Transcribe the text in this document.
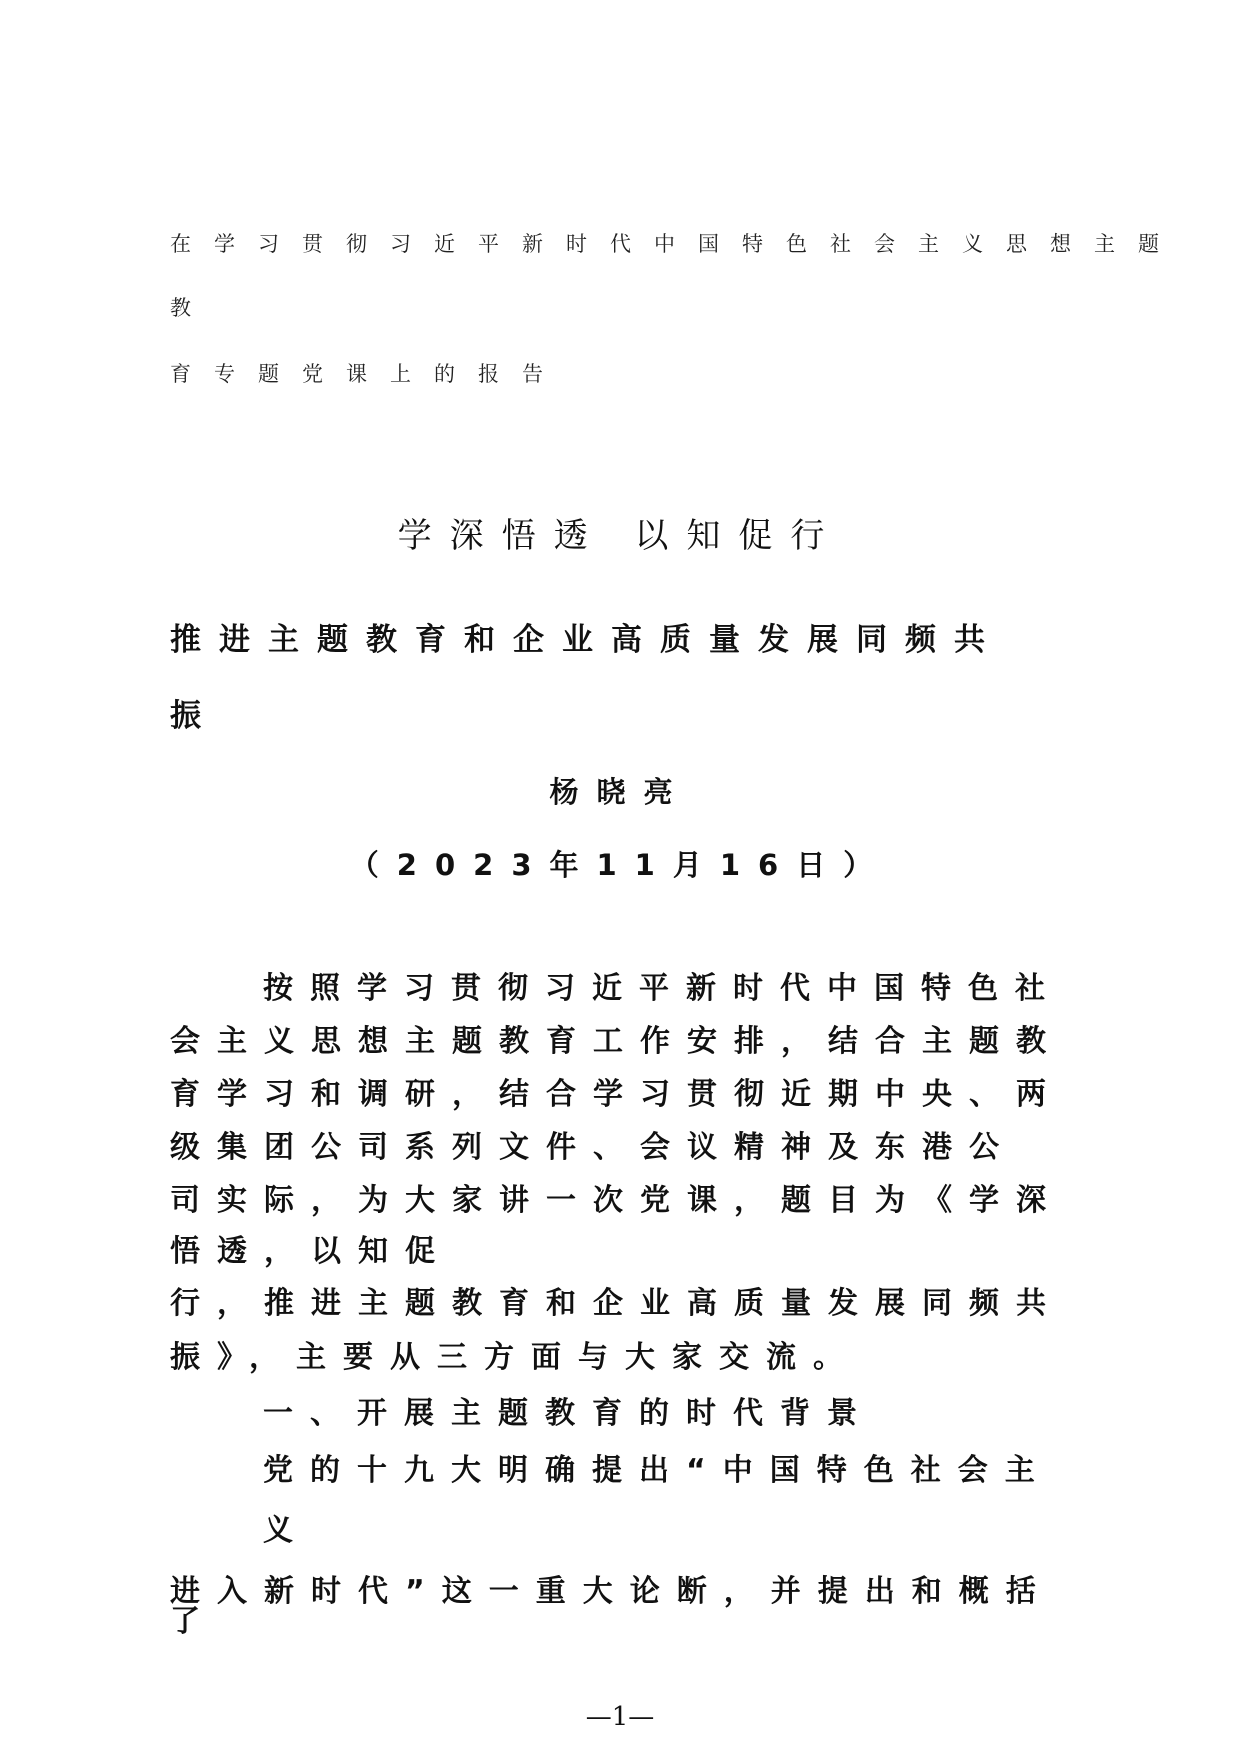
在学习贯彻习近平新时代中国特色社会主义思想主题
教
育专题党课上的报告
学深悟透 以知促行
推进主题教育和企业高质量发展同频共
振
杨晓亮
（2023年11月16日）
按照学习贯彻习近平新时代中国特色社
会主义思想主题教育工作安排，结合主题教
育学习和调研，结合学习贯彻近期中央、两
级集团公司系列文件、会议精神及东港公
司实际，为大家讲一次党课，题目为《学深
悟透，以知促
行，推进主题教育和企业高质量发展同频共
振》，主要从三方面与大家交流。
一、开展主题教育的时代背景
党的十九大明确提出“中国特色社会主
义
进入新时代”这一重大论断，并提出和概括
了
—1—
